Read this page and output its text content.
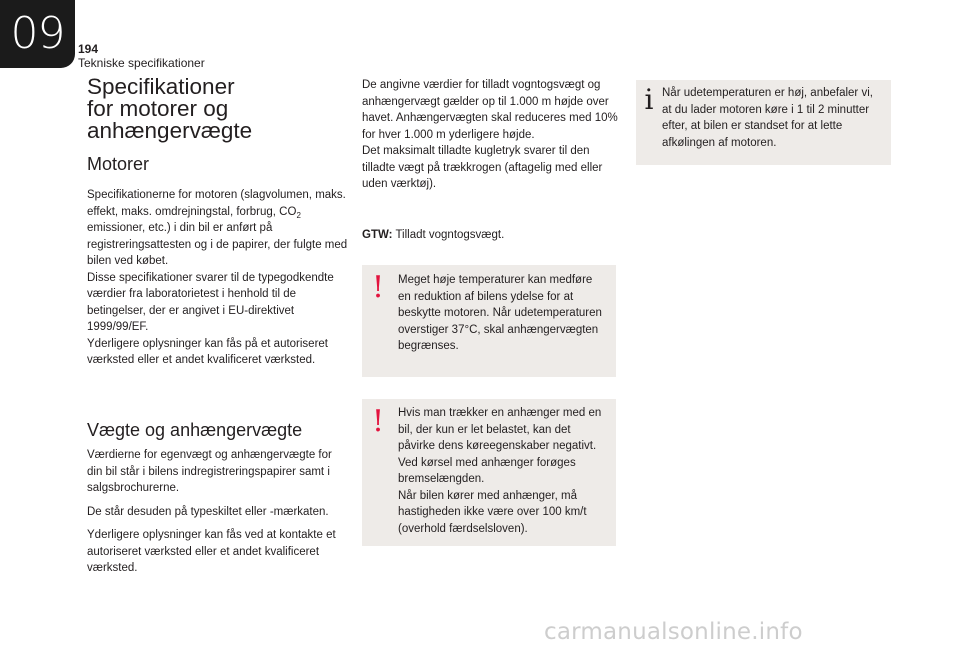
09	194
Tekniske specifikationer
Specifikationer
for motorer og
anhængervægte
Motorer

Specifikationerne for motoren (slagvolumen, maks. effekt, maks. omdrejningstal, forbrug, $CO_2$ emissioner, etc.) i din bil er anført på registreringsattesten og i de papirer, der fulgte med bilen ved købet.

Disse specifikationer svarer til de typegodkendte værdier fra laboratorietest i henhold til de betingelser, der er angivet i EU-direktivet 1999/99/EF.

Yderligere oplysninger kan fås på et autoriseret værksted eller et andet kvalificeret værksted.

Vægte og anhængervægte

Værdierne for egenvægt og anhængervægte for din bil står i bilens indregistreringspapirer samt i salgsbrochurerne.

De står desuden på typeskiltet eller -mærkaten.

Yderligere oplysninger kan fås ved at kontakte et autoriseret værksted eller et andet kvalificeret værksted.

De angivne værdier for tilladt vogntogsvægt og anhængervægt gælder op til 1.000 m højde over havet. Anhængervægten skal reduceres med 10% for hver 1.000 m yderligere højde.

Det maksimalt tilladte kugletryk svarer til den tilladte vægt på trækkrogen (aftagelig med eller uden værktøj).

GTW: Tilladt vogntogsvægt.
!	Meget høje temperaturer kan medføre en reduktion af bilens ydelse for at beskytte motoren. Når udetemperaturen overstiger 37°C, skal anhængervægten begrænses.

!	Hvis man trækker en anhænger med en bil, der kun er let belastet, kan det påvirke dens køreegenskaber negativt.

Ved kørsel med anhænger forøges bremselængden.

Når bilen kører med anhænger, må hastigheden ikke være over 100 km/t (overhold færdselsloven).

i Når udetemperaturen er høj, anbefaler vi, at du lader motoren køre i 1 til 2 minutter efter, at bilen er standset for at lette afkølingen af motoren.

carmanualsonline.info
